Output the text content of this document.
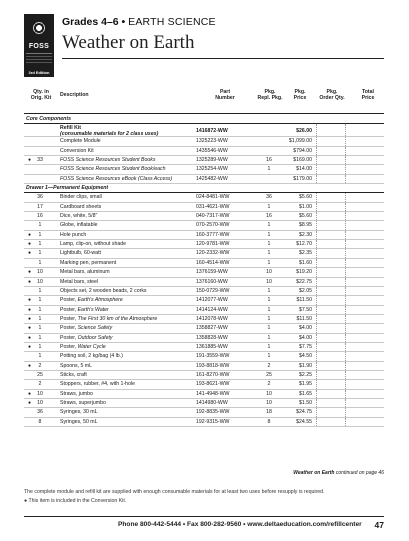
FOSS
3rd Edition
Grades 4–6 • EARTH SCIENCE
Weather on Earth
Qty. in
Orig. Kit	Description	Part
Number
Pkg.
Repl. Pkg.
Pkg.
Price
Pkg.
Order Qty.
Total
Price
Core Components
Refill Kit
(consumable materials for 2 class uses)	1416872-WW	$26.00
Complete Module	1325223-WW	$1,099.00
Conversion Kit	1435546-WW	$794.00
●	33	FOSS Science Resources Student Books	1325289-WW	16	$169.00
FOSS Science Resources Student Book/each	1325254-WW	1	$14.00
FOSS Science Resources eBook (Class Access)	1425482-WW	$179.00
Drawer 1—Permanent Equipment
36	Binder clips, small	024-8481-WW	36	$5.60
17	Cardboard sheets	031-4621-WW	1	$1.00
16	Dice, white, 5/8"	040-7317-WW	16	$5.60
1	Globe, inflatable	070-2570-WW	1	$8.95
●	1	Hole punch	160-3777-WW	1	$2.30
●	1	Lamp, clip-on, without shade	120-9781-WW	1	$12.70
●	1	Lightbulb, 60-watt	120-2332-WW	1	$2.35
1	Marking pen, permanent	160-4514-WW	1	$1.60
●	10	Metal bars, aluminum	1376159-WW	10	$19.20
●	10	Metal bars, steel	1376160-WW	10	$22.75
1	Objects set, 2 wooden beads, 2 corks	150-0729-WW	1	$2.05
●	1	Poster, Earth's Atmosphere	1412077-WW	1	$11.50
●	1	Poster, Earth's Water	1414124-WW	1	$7.50
●	1	Poster, The First 30 km of the Atmosphere	1412078-WW	1	$11.50
●	1	Poster, Science Safety	1358827-WW	1	$4.00
●	1	Poster, Outdoor Safety	1358828-WW	1	$4.00
●	1	Poster, Water Cycle	1361885-WW	1	$7.75
1	Potting soil, 2 kg/bag (4 lb.)	191-3559-WW	1	$4.50
●	2	Spoons, 5 mL	193-8818-WW	2	$1.90
25	Sticks, craft	161-8270-WW	25	$2.25
2	Stoppers, rubber, #4, with 1-hole	193-8621-WW	2	$1.95
●	10	Straws, jumbo	141-4948-WW	10	$1.65
●	10	Straws, superjumbo	1414980-WW	10	$1.50
36	Syringes, 30 mL	192-8835-WW	18	$24.75
8	Syringes, 50 mL	192-9315-WW	8	$24.55
Weather on Earth continued on page 46
The complete module and refill kit are supplied with enough consumable materials for at least two uses before resupply is required.
● This item is included in the Conversion Kit.
Phone 800-442-5444 • Fax 800-282-9560 • www.deltaeducation.com/refillcenter 47
